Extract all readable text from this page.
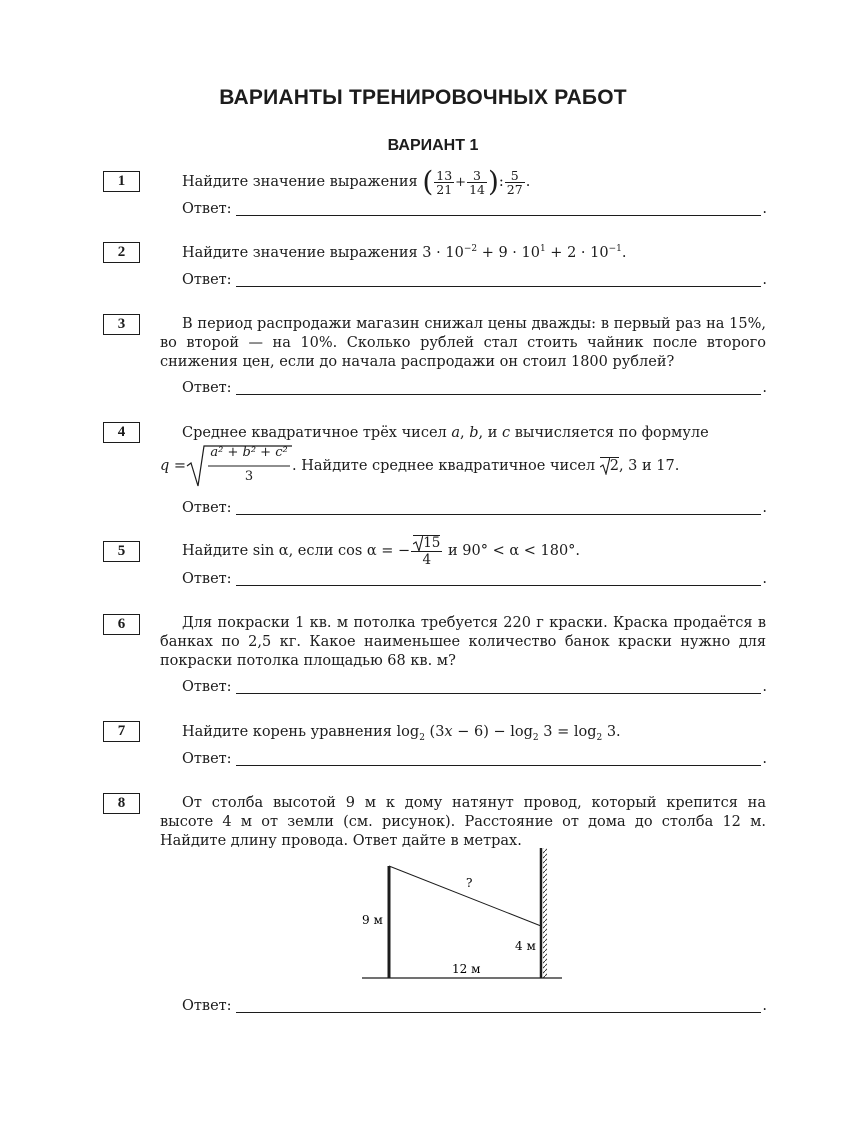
ВАРИАНТЫ ТРЕНИРОВОЧНЫХ РАБОТ
ВАРИАНТ 1
1	Найдите значение выражения ( $\frac{13}{21} + \frac{3}{14}$ ): $\frac{5}{27}$ .
Ответ:	.
2	Найдите значение выражения $3 \cdot 10^{-2} + 9 \cdot 10^1 + 2 \cdot 10^{-1}$.
Ответ:	.
3	В период распродажи магазин снижал цены дважды: в первый раз на 15%, во второй — на 10%. Сколько рублей стал стоить чайник после второго снижения цен, если до начала распродажи он стоил 1800 рублей?
Ответ:	.
4	Среднее квадратичное трёх чисел a, b, и c вычисляется по формуле
q =
a² + b² + c²
3
. Найдите среднее квадратичное чисел 2, 3 и 17.
Ответ:	.
5	Найдите sin α, если cos α = − $\frac{15}{4}$ и 90° < α < 180°.
Ответ:	.
6	Для покраски 1 кв. м потолка требуется 220 г краски. Краска продаётся в банках по 2,5 кг. Какое наименьшее количество банок краски нужно для покраски потолка площадью 68 кв. м?
Ответ:	.
7	Найдите корень уравнения $\log_2 (3x - 6) - \log_2 3 = \log_2 3$.
Ответ:	.
8	От столба высотой 9 м к дому натянут провод, который крепится на высоте 4 м от земли (см. рисунок). Расстояние от дома до столба 12 м. Найдите длину провода. Ответ дайте в метрах.
9 м
?
4 м
12 м
Ответ:	.
